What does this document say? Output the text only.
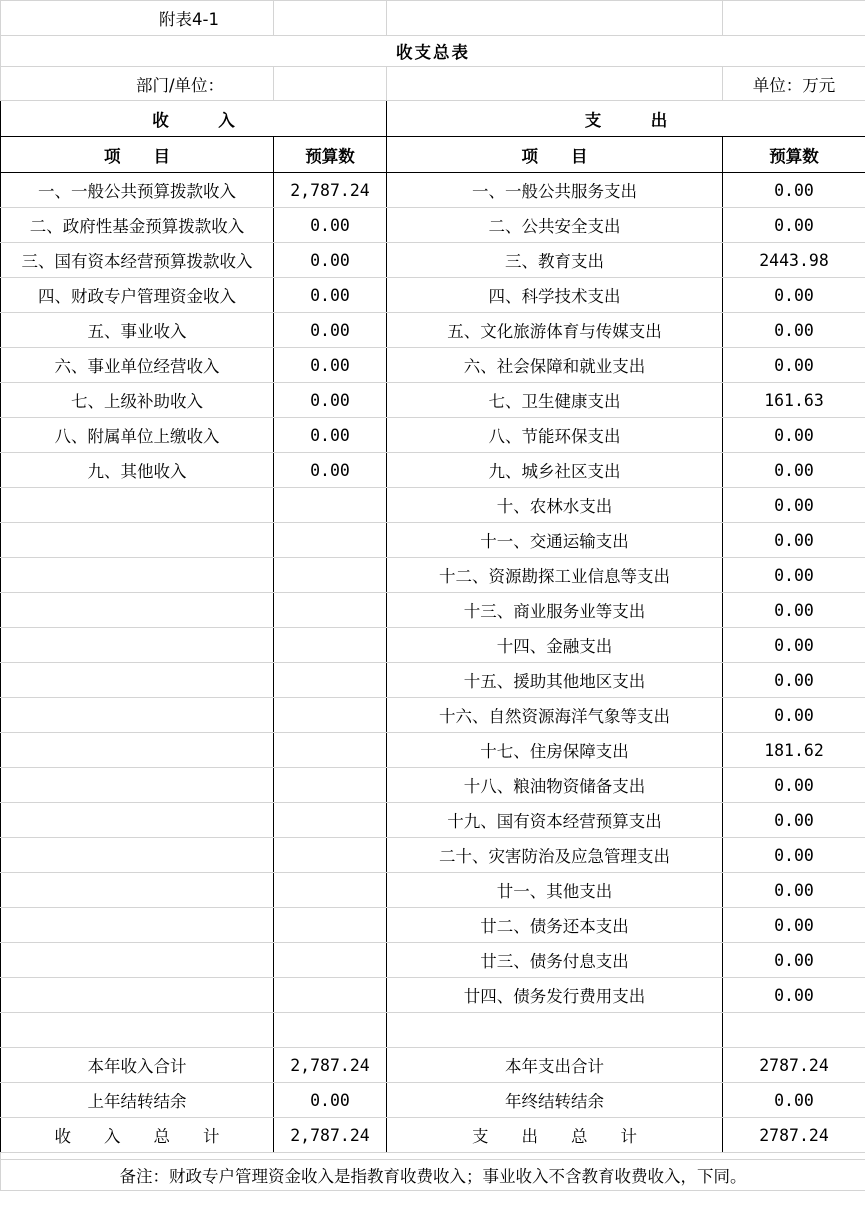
附表4-1			
收支总表			
部门/单位：			单位：万元
收　　　入		支　　　出	
项　　目	预算数	项　　目	预算数
一、一般公共预算拨款收入	2,787.24	一、一般公共服务支出	0.00
二、政府性基金预算拨款收入	0.00	二、公共安全支出	0.00
三、国有资本经营预算拨款收入	0.00	三、教育支出	2443.98
四、财政专户管理资金收入	0.00	四、科学技术支出	0.00
五、事业收入	0.00	五、文化旅游体育与传媒支出	0.00
六、事业单位经营收入	0.00	六、社会保障和就业支出	0.00
七、上级补助收入	0.00	七、卫生健康支出	161.63
八、附属单位上缴收入	0.00	八、节能环保支出	0.00
九、其他收入	0.00	九、城乡社区支出	0.00
		十、农林水支出	0.00
		十一、交通运输支出	0.00
		十二、资源勘探工业信息等支出	0.00
		十三、商业服务业等支出	0.00
		十四、金融支出	0.00
		十五、援助其他地区支出	0.00
		十六、自然资源海洋气象等支出	0.00
		十七、住房保障支出	181.62
		十八、粮油物资储备支出	0.00
		十九、国有资本经营预算支出	0.00
		二十、灾害防治及应急管理支出	0.00
		廿一、其他支出	0.00
		廿二、债务还本支出	0.00
		廿三、债务付息支出	0.00
		廿四、债务发行费用支出	0.00

本年收入合计	2,787.24	本年支出合计	2787.24
上年结转结余	0.00	年终结转结余	0.00
收　　入　　总　　计	2,787.24	支　　出　　总　　计	2787.24

备注：财政专户管理资金收入是指教育收费收入；事业收入不含教育收费收入，下同。			
